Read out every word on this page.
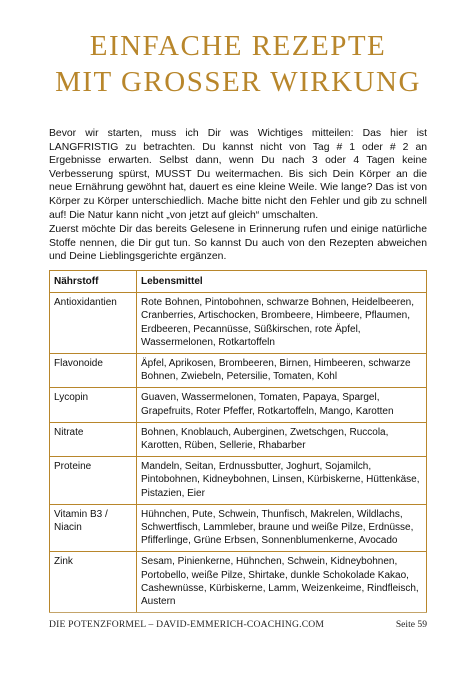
EINFACHE REZEPTE
MIT GROSSER WIRKUNG

Bevor wir starten, muss ich Dir was Wichtiges mitteilen: Das hier ist LANGFRISTIG zu betrachten. Du kannst nicht von Tag # 1 oder # 2 an Ergebnisse erwarten. Selbst dann, wenn Du nach 3 oder 4 Tagen keine Verbesserung spürst, MUSST Du weitermachen. Bis sich Dein Körper an die neue Ernährung gewöhnt hat, dauert es eine kleine Weile. Wie lange? Das ist von Körper zu Körper unterschiedlich. Mache bitte nicht den Fehler und gib zu schnell auf! Die Natur kann nicht „von jetzt auf gleich“ umschalten.

Zuerst möchte Dir das bereits Gelesene in Erinnerung rufen und einige natürliche Stoffe nennen, die Dir gut tun. So kannst Du auch von den Rezepten abweichen und Deine Lieblingsgerichte ergänzen.

Nährstoff	Lebensmittel
Antioxidantien	Rote Bohnen, Pintobohnen, schwarze Bohnen, Heidelbeeren, Cranberries, Artischocken, Brombeere, Himbeere, Pflaumen, Erdbeeren, Pecannüsse, Süßkirschen, rote Äpfel, Wassermelonen, Rotkartoffeln
Flavonoide	Äpfel, Aprikosen, Brombeeren, Birnen, Himbeeren, schwarze Bohnen, Zwiebeln, Petersilie, Tomaten, Kohl
Lycopin	Guaven, Wassermelonen, Tomaten, Papaya, Spargel, Grapefruits, Roter Pfeffer, Rotkartoffeln, Mango, Karotten
Nitrate	Bohnen, Knoblauch, Auberginen, Zwetschgen, Ruccola, Karotten, Rüben, Sellerie, Rhabarber
Proteine	Mandeln, Seitan, Erdnussbutter, Joghurt, Sojamilch, Pintobohnen, Kidneybohnen, Linsen, Kürbiskerne, Hüttenkäse, Pistazien, Eier
Vitamin B3 / Niacin	Hühnchen, Pute, Schwein, Thunfisch, Makrelen, Wildlachs, Schwertfisch, Lammleber, braune und weiße Pilze, Erdnüsse, Pfifferlinge, Grüne Erbsen, Sonnenblumenkerne, Avocado
Zink	Sesam, Pinienkerne, Hühnchen, Schwein, Kidneybohnen, Portobello, weiße Pilze, Shirtake, dunkle Schokolade Kakao, Cashewnüsse, Kürbiskerne, Lamm, Weizenkeime, Rindfleisch, Austern
DIE POTENZFORMEL – DAVID-EMMERICH-COACHING.COM	Seite 59
